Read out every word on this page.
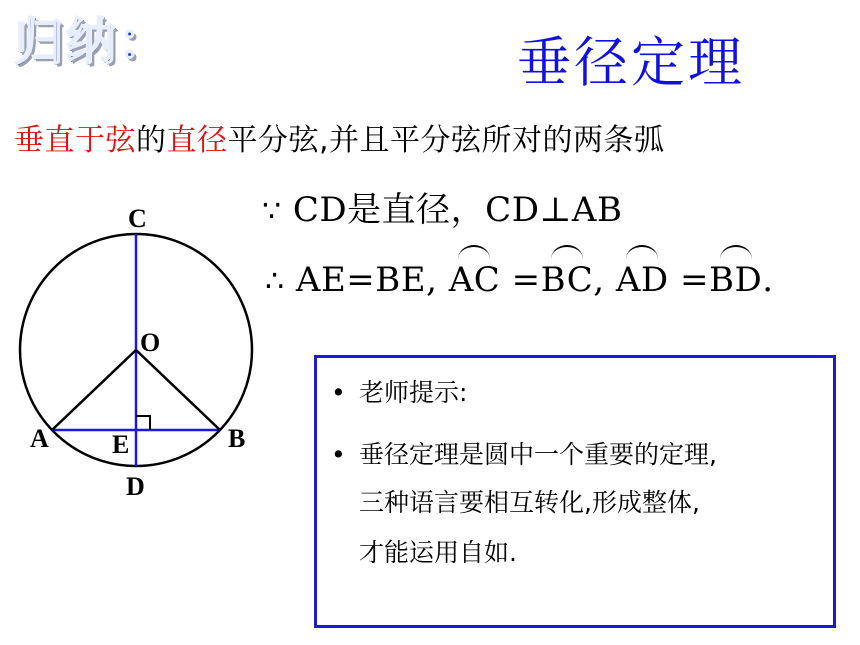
归纳：	垂径定理
垂直于弦的直径平分弦,并且平分弦所对的两条弧
∵ CD是直径，CD⊥AB
∴ AE=BE, AC =
BC, AD =
BD.
C
O
A E	B
D
• 老师提示:
• 垂径定理是圆中一个重要的定理,
三种语言要相互转化,形成整体,
才能运用自如.
